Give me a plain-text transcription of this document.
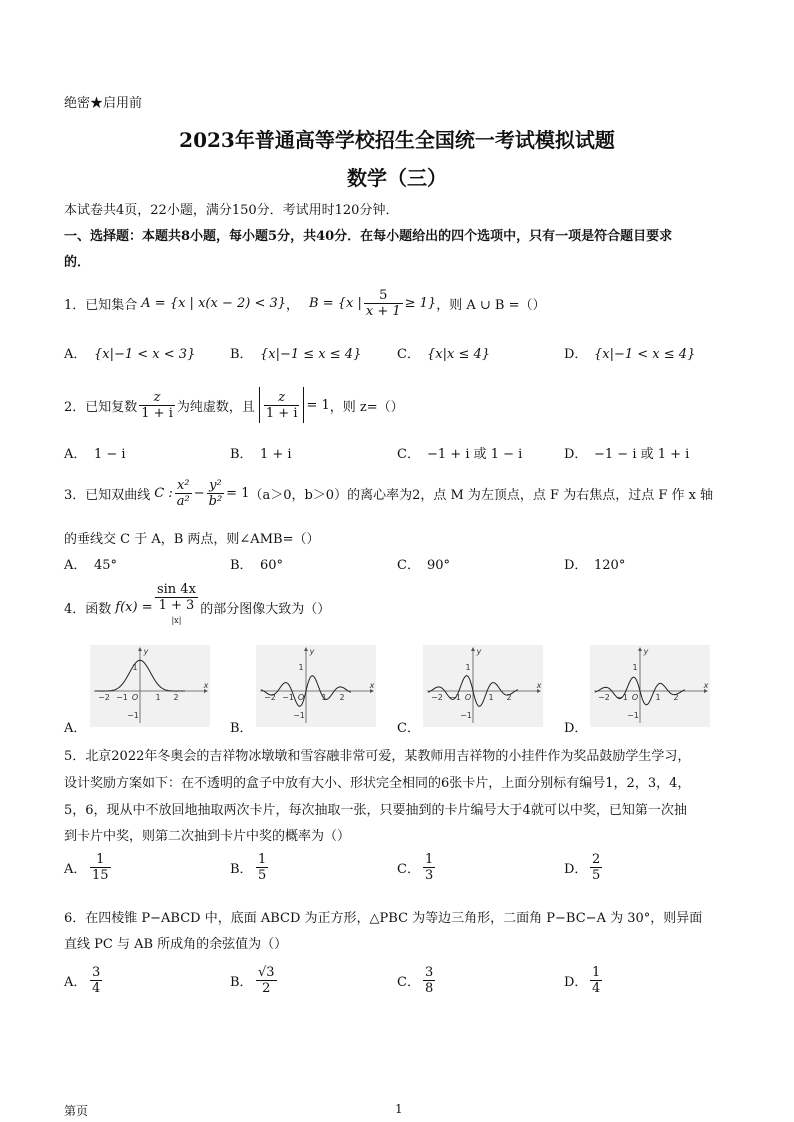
绝密★启用前
2023年普通高等学校招生全国统一考试模拟试题
数学（三）
本试卷共4页，22小题，满分150分．考试用时120分钟．
一、选择题：本题共8小题，每小题5分，共40分．在每小题给出的四个选项中，只有一项是符合题目要求
的．
1．已知集合 A = {x | x(x − 2) < 3} ， B = {x | $\frac{5}{x + 1} \ge 1$} ，则 A ∪ B =（）
A． {x|−1 < x < 3}	B． {x|−1 ≤ x ≤ 4}	C． {x|x ≤ 4}	D． {x|−1 < x ≤ 4}
2．已知复数 $\frac{z}{1 + i}$ 为纯虚数，且 $\frac{z}{1 + i} = 1$ ，则 z=（）
A． 1 − i	B． 1 + i	C． −1 + i 或 1 − i	D． −1 − i 或 1 + i
3．已知双曲线 C : $\frac{\text{x²}}{\text{a²}} - \frac{\text{y²}}{\text{b²}} = 1$ （a＞0，b＞0）的离心率为2，点 M 为左顶点，点 F 为右焦点，过点 F 作 x 轴
的垂线交 C 于 A，B 两点，则∠AMB=（）
A． 45°	B． 60°	C． 90°	D． 120°
4．函数 f(x) = sin 4x
1 + 3
$^{|x|}$ 的部分图像大致为（）
y
x
1
−1
O
−2 −1	1 2
y
x
1
−1
O
−2 −1	1 2
y
x
1
−1
O
−2 −1	1 2
y
x
1
−1
O
−2 −1	1 2
A．	B．	C．	D．
5．北京2022年冬奥会的吉祥物冰墩墩和雪容融非常可爱，某教师用吉祥物的小挂件作为奖品鼓励学生学习，
设计奖励方案如下：在不透明的盒子中放有大小、形状完全相同的6张卡片，上面分别标有编号1，2，3，4，
5，6，现从中不放回地抽取两次卡片，每次抽取一张，只要抽到的卡片编号大于4就可以中奖，已知第一次抽
到卡片中奖，则第二次抽到卡片中奖的概率为（）
A． $\frac{1}{15}$	B． $\frac{1}{5}$	C． $\frac{1}{3}$	D． $\frac{2}{5}$
6．在四棱锥 P−ABCD 中，底面 ABCD 为正方形，△PBC 为等边三角形，二面角 P−BC−A 为 30°，则异面
直线 PC 与 AB 所成角的余弦值为（）
A． $\frac{3}{4}$	B． $\frac{√3}{2}$	C． $\frac{3}{8}$	D． $\frac{1}{4}$
第页	1
